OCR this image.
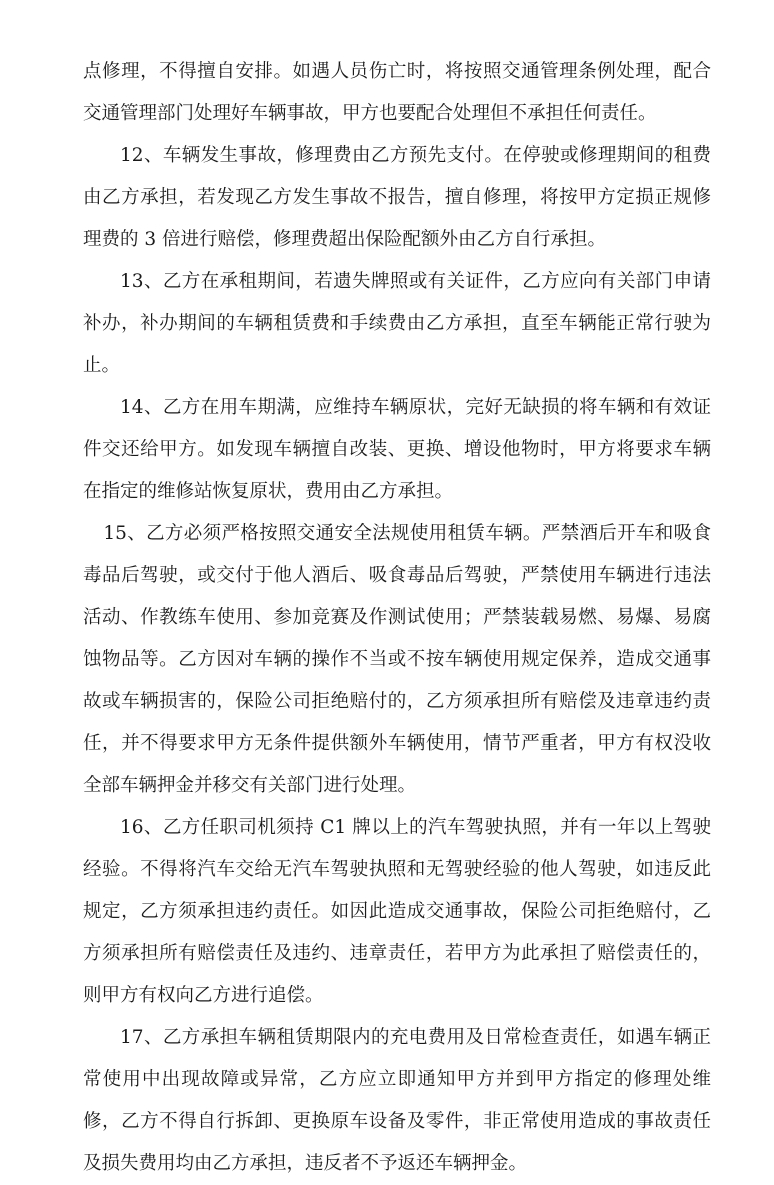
点修理，不得擅自安排。如遇人员伤亡时，将按照交通管理条例处理，配合交通管理部门处理好车辆事故，甲方也要配合处理但不承担任何责任。

12、车辆发生事故，修理费由乙方预先支付。在停驶或修理期间的租费由乙方承担，若发现乙方发生事故不报告，擅自修理，将按甲方定损正规修理费的 3 倍进行赔偿，修理费超出保险配额外由乙方自行承担。

13、乙方在承租期间，若遗失牌照或有关证件，乙方应向有关部门申请补办，补办期间的车辆租赁费和手续费由乙方承担，直至车辆能正常行驶为止。

14、乙方在用车期满，应维持车辆原状，完好无缺损的将车辆和有效证件交还给甲方。如发现车辆擅自改装、更换、增设他物时，甲方将要求车辆在指定的维修站恢复原状，费用由乙方承担。

15、乙方必须严格按照交通安全法规使用租赁车辆。严禁酒后开车和吸食毒品后驾驶，或交付于他人酒后、吸食毒品后驾驶，严禁使用车辆进行违法活动、作教练车使用、参加竞赛及作测试使用；严禁装载易燃、易爆、易腐蚀物品等。乙方因对车辆的操作不当或不按车辆使用规定保养，造成交通事故或车辆损害的，保险公司拒绝赔付的，乙方须承担所有赔偿及违章违约责任，并不得要求甲方无条件提供额外车辆使用，情节严重者，甲方有权没收全部车辆押金并移交有关部门进行处理。

16、乙方任职司机须持 C1 牌以上的汽车驾驶执照，并有一年以上驾驶经验。不得将汽车交给无汽车驾驶执照和无驾驶经验的他人驾驶，如违反此规定，乙方须承担违约责任。如因此造成交通事故，保险公司拒绝赔付，乙方须承担所有赔偿责任及违约、违章责任，若甲方为此承担了赔偿责任的，则甲方有权向乙方进行追偿。

17、乙方承担车辆租赁期限内的充电费用及日常检查责任，如遇车辆正常使用中出现故障或异常，乙方应立即通知甲方并到甲方指定的修理处维修，乙方不得自行拆卸、更换原车设备及零件，非正常使用造成的事故责任及损失费用均由乙方承担，违反者不予返还车辆押金。
